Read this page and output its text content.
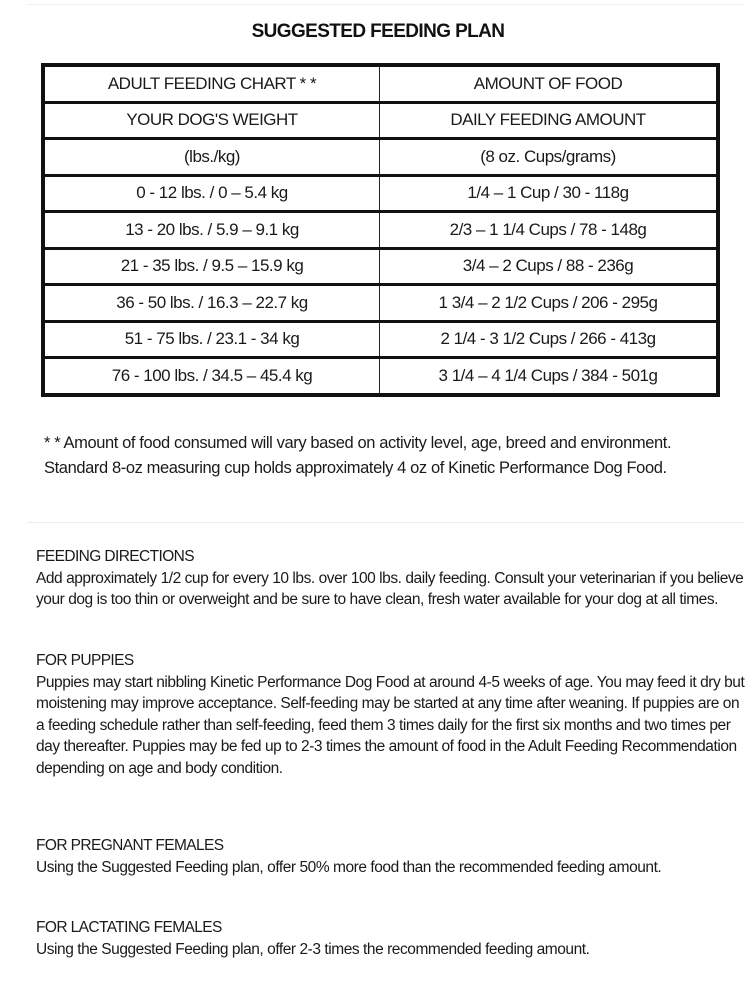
SUGGESTED FEEDING PLAN
ADULT FEEDING CHART * *	AMOUNT OF FOOD
YOUR DOG'S WEIGHT	DAILY FEEDING AMOUNT
(lbs./kg)	(8 oz. Cups/grams)
0 - 12 lbs. / 0 – 5.4 kg	1/4 – 1 Cup / 30 - 118g
13 - 20 lbs. / 5.9 – 9.1 kg	2/3 – 1 1/4 Cups / 78 - 148g
21 - 35 lbs. / 9.5 – 15.9 kg	3/4 – 2 Cups / 88 - 236g
36 - 50 lbs. / 16.3 – 22.7 kg	1 3/4 – 2 1/2 Cups / 206 - 295g
51 - 75 lbs. / 23.1 - 34 kg	2 1/4 - 3 1/2 Cups / 266 - 413g
76 - 100 lbs. / 34.5 – 45.4 kg	3 1/4 – 4 1/4 Cups / 384 - 501g
* * Amount of food consumed will vary based on activity level, age, breed and environment. Standard 8-oz measuring cup holds approximately 4 oz of Kinetic Performance Dog Food.
FEEDING DIRECTIONS
Add approximately 1/2 cup for every 10 lbs. over 100 lbs. daily feeding. Consult your veterinarian if you believe your dog is too thin or overweight and be sure to have clean, fresh water available for your dog at all times.
FOR PUPPIES
Puppies may start nibbling Kinetic Performance Dog Food at around 4-5 weeks of age. You may feed it dry but moistening may improve acceptance. Self-feeding may be started at any time after weaning. If puppies are on a feeding schedule rather than self-feeding, feed them 3 times daily for the first six months and two times per day thereafter. Puppies may be fed up to 2-3 times the amount of food in the Adult Feeding Recommendation depending on age and body condition.
FOR PREGNANT FEMALES
Using the Suggested Feeding plan, offer 50% more food than the recommended feeding amount.
FOR LACTATING FEMALES
Using the Suggested Feeding plan, offer 2-3 times the recommended feeding amount.
